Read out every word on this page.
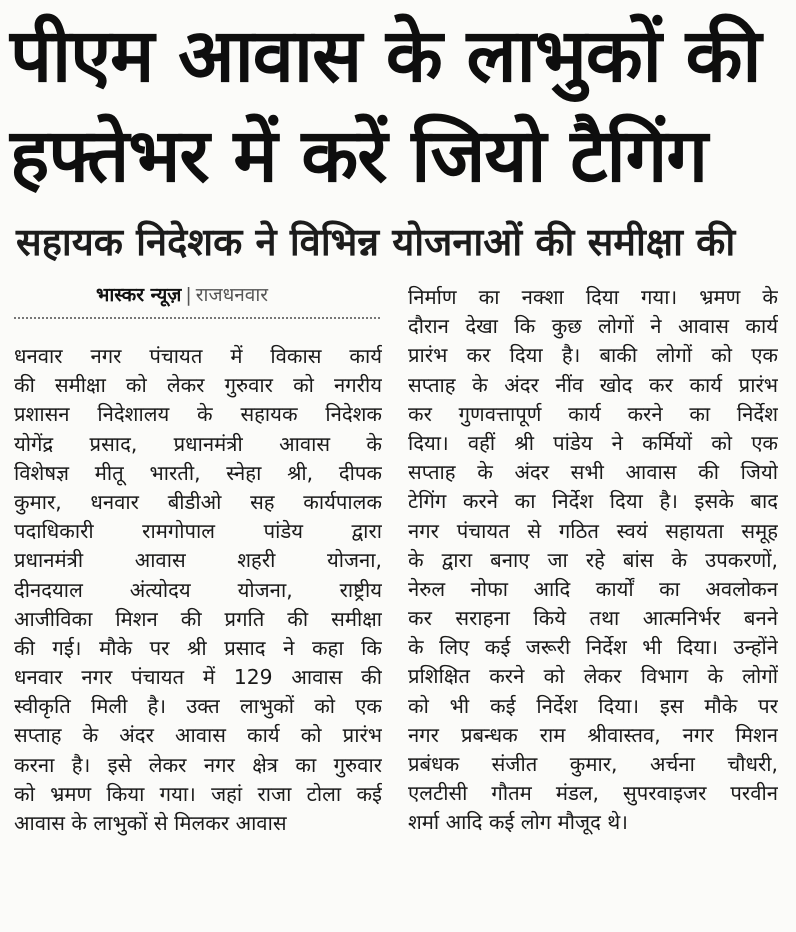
पीएम आवास के लाभुकों की
हफ्तेभर में करें जियो टैगिंग
सहायक निदेशक ने विभिन्न योजनाओं की समीक्षा की
भास्कर न्यूज़ | राजधनवार
धनवार नगर पंचायत में विकास कार्य
की समीक्षा को लेकर गुरुवार को नगरीय
प्रशासन निदेशालय के सहायक निदेशक
योगेंद्र प्रसाद, प्रधानमंत्री आवास के
विशेषज्ञ मीतू भारती, स्नेहा श्री, दीपक
कुमार, धनवार बीडीओ सह कार्यपालक
पदाधिकारी रामगोपाल पांडेय द्वारा
प्रधानमंत्री आवास शहरी योजना,
दीनदयाल अंत्योदय योजना, राष्ट्रीय
आजीविका मिशन की प्रगति की समीक्षा
की गई। मौके पर श्री प्रसाद ने कहा कि
धनवार नगर पंचायत में 129 आवास की
स्वीकृति मिली है। उक्त लाभुकों को एक
सप्ताह के अंदर आवास कार्य को प्रारंभ
करना है। इसे लेकर नगर क्षेत्र का गुरुवार
को भ्रमण किया गया। जहां राजा टोला कई
आवास के लाभुकों से मिलकर आवास
निर्माण का नक्शा दिया गया। भ्रमण के
दौरान देखा कि कुछ लोगों ने आवास कार्य
प्रारंभ कर दिया है। बाकी लोगों को एक
सप्ताह के अंदर नींव खोद कर कार्य प्रारंभ
कर गुणवत्तापूर्ण कार्य करने का निर्देश
दिया। वहीं श्री पांडेय ने कर्मियों को एक
सप्ताह के अंदर सभी आवास की जियो
टेगिंग करने का निर्देश दिया है। इसके बाद
नगर पंचायत से गठित स्वयं सहायता समूह
के द्वारा बनाए जा रहे बांस के उपकरणों,
नेरुल नोफा आदि कार्यों का अवलोकन
कर सराहना किये तथा आत्मनिर्भर बनने
के लिए कई जरूरी निर्देश भी दिया। उन्होंने
प्रशिक्षित करने को लेकर विभाग के लोगों
को भी कई निर्देश दिया। इस मौके पर
नगर प्रबन्धक राम श्रीवास्तव, नगर मिशन
प्रबंधक संजीत कुमार, अर्चना चौधरी,
एलटीसी गौतम मंडल, सुपरवाइजर परवीन
शर्मा आदि कई लोग मौजूद थे।
